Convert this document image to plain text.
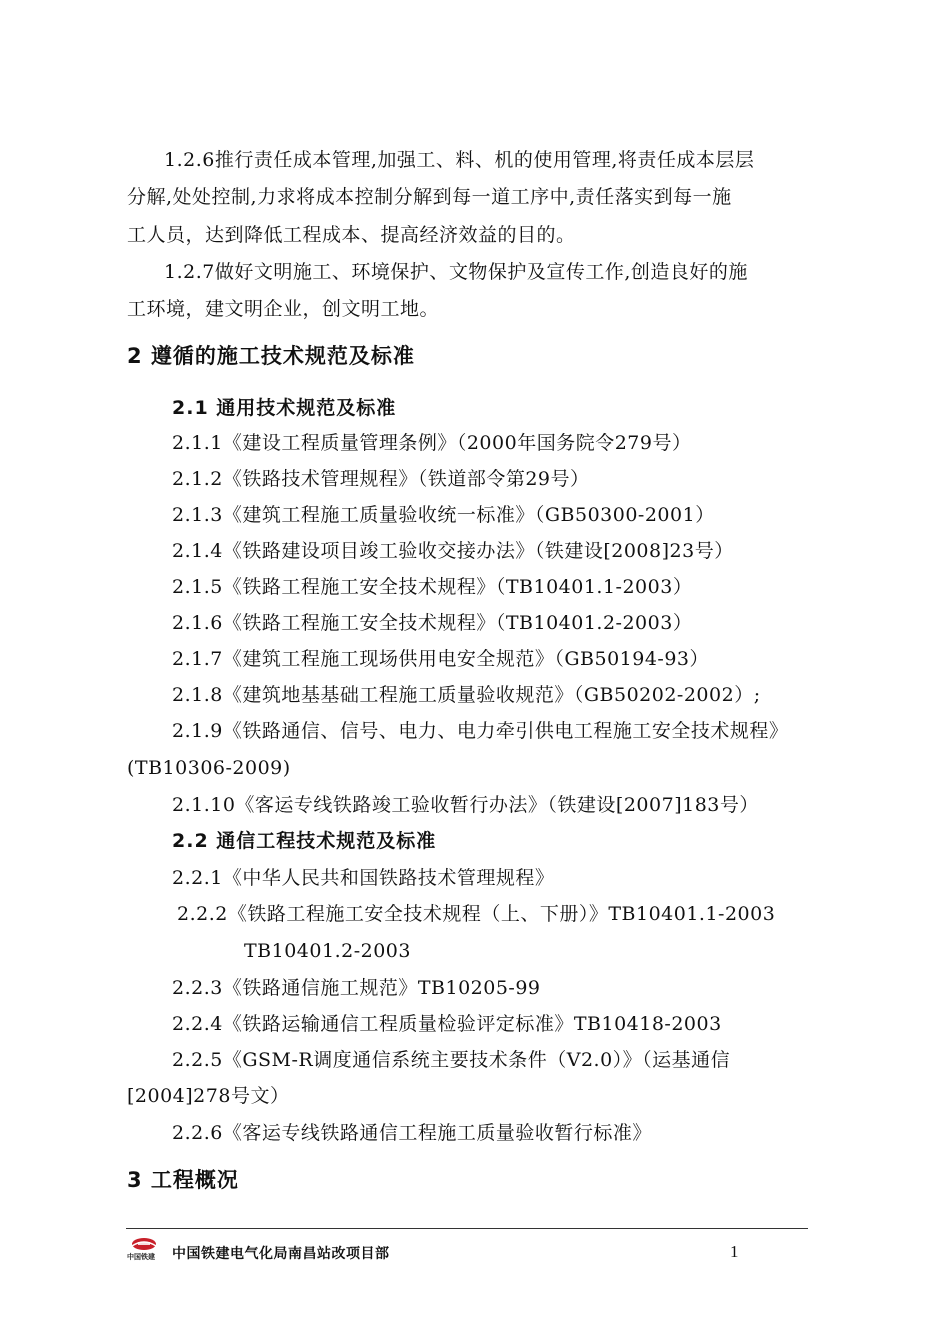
1.2.6推行责任成本管理,加强工、料、机的使用管理,将责任成本层层
分解,处处控制,力求将成本控制分解到每一道工序中,责任落实到每一施
工人员，达到降低工程成本、提高经济效益的目的。
1.2.7做好文明施工、环境保护、文物保护及宣传工作,创造良好的施
工环境，建文明企业，创文明工地。
2 遵循的施工技术规范及标准
2.1 通用技术规范及标准
2.1.1《建设工程质量管理条例》（2000年国务院令279号）
2.1.2《铁路技术管理规程》（铁道部令第29号）
2.1.3《建筑工程施工质量验收统一标准》（GB50300-2001）
2.1.4《铁路建设项目竣工验收交接办法》（铁建设[2008]23号）
2.1.5《铁路工程施工安全技术规程》（TB10401.1-2003）
2.1.6《铁路工程施工安全技术规程》（TB10401.2-2003）
2.1.7《建筑工程施工现场供用电安全规范》（GB50194-93）
2.1.8《建筑地基基础工程施工质量验收规范》（GB50202-2002）;
2.1.9《铁路通信、信号、电力、电力牵引供电工程施工安全技术规程》
(TB10306-2009)
2.1.10《客运专线铁路竣工验收暂行办法》（铁建设[2007]183号）
2.2 通信工程技术规范及标准
2.2.1《中华人民共和国铁路技术管理规程》
2.2.2《铁路工程施工安全技术规程（上、下册）》TB10401.1-2003
TB10401.2-2003
2.2.3《铁路通信施工规范》TB10205-99
2.2.4《铁路运输通信工程质量检验评定标准》TB10418-2003
2.2.5《GSM-R调度通信系统主要技术条件（V2.0）》（运基通信
[2004]278号文）
2.2.6《客运专线铁路通信工程施工质量验收暂行标准》
3 工程概况
中国铁建 中国铁建电气化局南昌站改项目部	1
